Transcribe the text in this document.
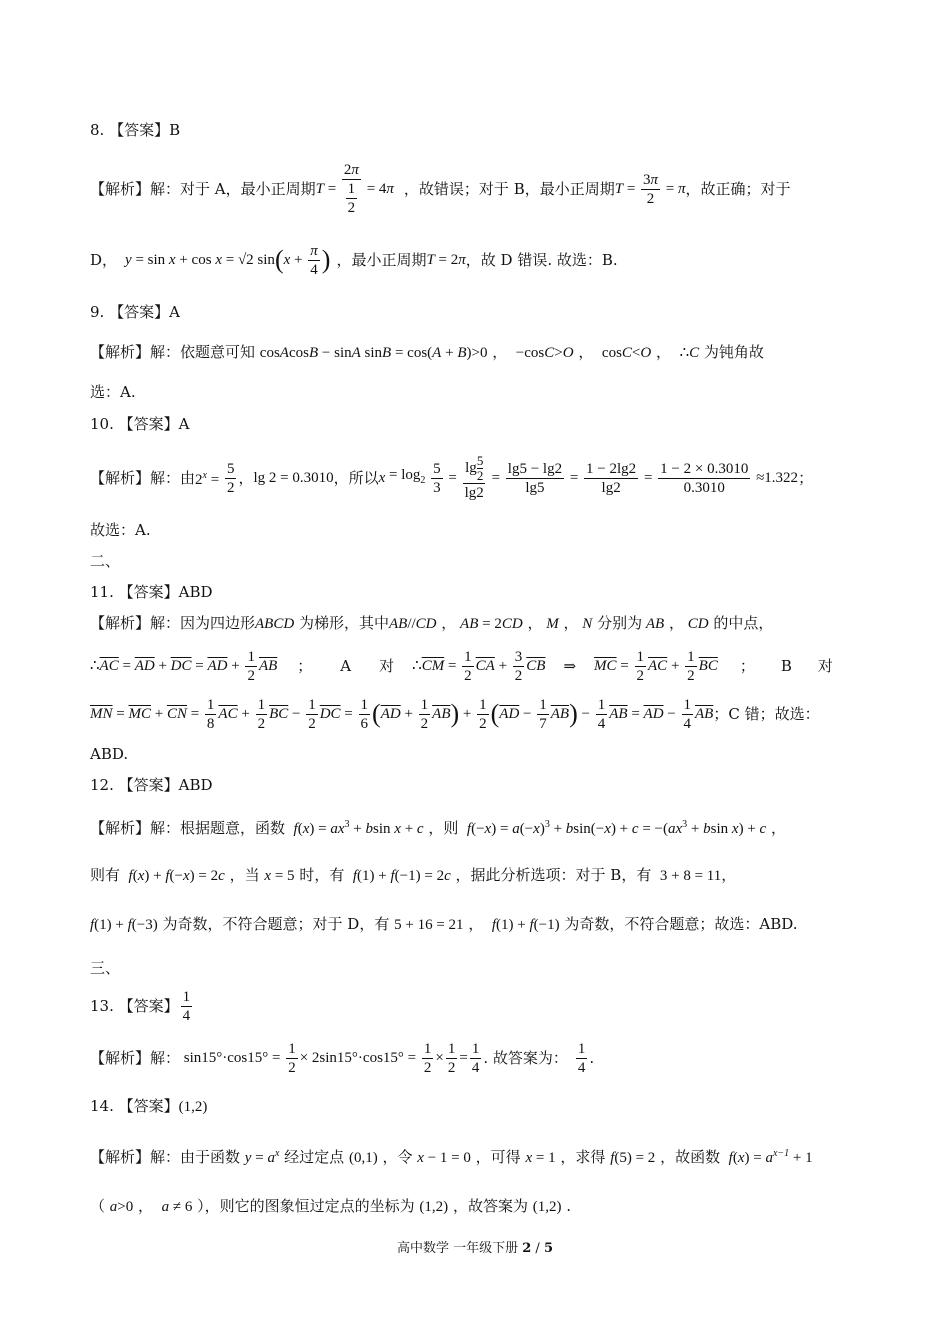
8. 【答案】B
【解析】解：对于 A，最小正周期 T = 2π
1
2 = 4 π ，故错误；对于 B，最小正周期 $T = \frac{3\pi}{2} = \pi$ ，故正确；对于
D， y = sin x + cos x = √2 sin ( $x + \frac{\pi}{4}$ ) ，最小正周期 T = 2 π ，故 D 错误. 故选：B.
9. 【答案】A
【解析】解：依题意可知 cosAcosB − sinA sinB = cos(A + B)>0 ，  −cosC>O ，  cosC<O ，  ∴C 为钝角故
选：A.
10. 【答案】A
【解析】解：由 $2^x = \frac{5}{2}$ ， lg 2 = 0.3010 ，所以 $x = \log_2 \frac{5}{3} = \frac{\lg \frac{5}{2}}{\lg 2} = \frac{\lg 5 - \lg 2}{\lg 5} = \frac{1 - 2\lg 2}{\lg 2} = \frac{1 - 2 \times 0.3010}{0.3010} \approx 1.322$ ；
故选：A.
二、
11. 【答案】ABD
【解析】解：因为四边形ABCD 为梯形，其中AB//CD ， AB = 2CD ， M ， N 分别为 AB ， CD 的中点，
∴ $\overline{AC} = \overline{AD} + \overline{DC} = \overline{AD} + \frac{1}{2} \overline{AB}$ ； A 对 ∴ $\overline{CM} = \frac{1}{2} \overline{CA} + \frac{3}{2} \overline{CB}$ ⇒ $\overline{MC} = \frac{1}{2} \overline{AC} + \frac{1}{2} \overline{BC}$ ； B 对
$\overline{MN} = \overline{MC} + \overline{CN} = \frac{1}{8} \overline{AC} + \frac{1}{2} \overline{BC} - \frac{1}{2} \overline{DC} = \frac{1}{6}$ ( $\overline{AD} + \frac{1}{2} \overline{AB}$ ) + $\frac{1}{2}$ ( $\overline{AD} - \frac{1}{7} \overline{AB}$ ) − $\frac{1}{4} \overline{AB} = \overline{AD} - \frac{1}{4} \overline{AB}$ ；C 错；故选：
ABD.
12. 【答案】ABD
【解析】解：根据题意，函数  $f(x) = ax^3 + bsin$ x + c ，则  $f(-x) = a(-x)^3 + bsin(-x) + c = -(ax^3 + bsin$ x) + c ，
则有  f(x) + f(−x) = 2c ，当 x = 5 时，有  f(1) + f(−1) = 2c ，据此分析选项：对于 B，有  3 + 8 = 11，
f(1) + f(−3) 为奇数，不符合题意；对于 D，有 5 + 16 = 21 ，  f(1) + f(−1) 为奇数，不符合题意；故选：ABD.
三、
13. 【答案】 $\frac{1}{4}$
【解析】解： $\sin 15^\circ\cdot\cos 15^\circ = \frac{1}{2} \times 2\sin 15^\circ\cdot\cos 15^\circ = \frac{1}{2} \times \frac{1}{2} = \frac{1}{4}$ . 故答案为： $\frac{1}{4}$ .
14. 【答案】(1,2)
【解析】解：由于函数 $y = a^x$ 经过定点 (0,1) ，令 x − 1 = 0 ，可得 x = 1 ，求得 f(5) = 2 ，故函数  $f(x) = a^{x-1} + 1$
（ a>0 ，  a ≠ 6 ），则它的图象恒过定点的坐标为 (1,2) ，故答案为 (1,2) .
高中数学 一年级下册 2 / 5
